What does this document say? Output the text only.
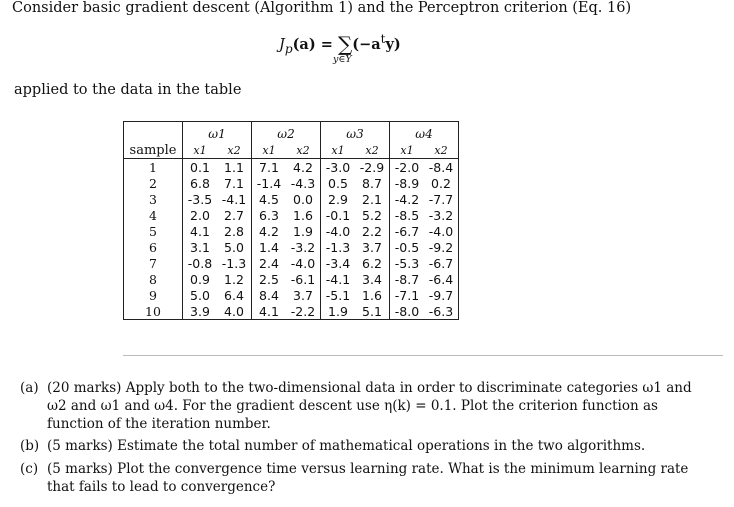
Consider basic gradient descent (Algorithm 1) and the Perceptron criterion (Eq. 16)
$J_p(a) = \sum(-a^ty)$
y∈Y
applied to the data in the table
	ω1		ω2		ω3		ω4	
sample	x1	x2	x1	x2	x1	x2	x1	x2
1	0.1	1.1	7.1	4.2	-3.0	-2.9	-2.0	-8.4
2	6.8	7.1	-1.4	-4.3	0.5	8.7	-8.9	0.2
3	-3.5	-4.1	4.5	0.0	2.9	2.1	-4.2	-7.7
4	2.0	2.7	6.3	1.6	-0.1	5.2	-8.5	-3.2
5	4.1	2.8	4.2	1.9	-4.0	2.2	-6.7	-4.0
6	3.1	5.0	1.4	-3.2	-1.3	3.7	-0.5	-9.2
7	-0.8	-1.3	2.4	-4.0	-3.4	6.2	-5.3	-6.7
8	0.9	1.2	2.5	-6.1	-4.1	3.4	-8.7	-6.4
9	5.0	6.4	8.4	3.7	-5.1	1.6	-7.1	-9.7
10	3.9	4.0	4.1	-2.2	1.9	5.1	-8.0	-6.3
(a) (20 marks) Apply both to the two-dimensional data in order to discriminate categories ω1 and ω2 and ω1 and ω4. For the gradient descent use η(k) = 0.1. Plot the criterion function as function of the iteration number.
(b) (5 marks) Estimate the total number of mathematical operations in the two algorithms.
(c) (5 marks) Plot the convergence time versus learning rate. What is the minimum learning rate that fails to lead to convergence?
